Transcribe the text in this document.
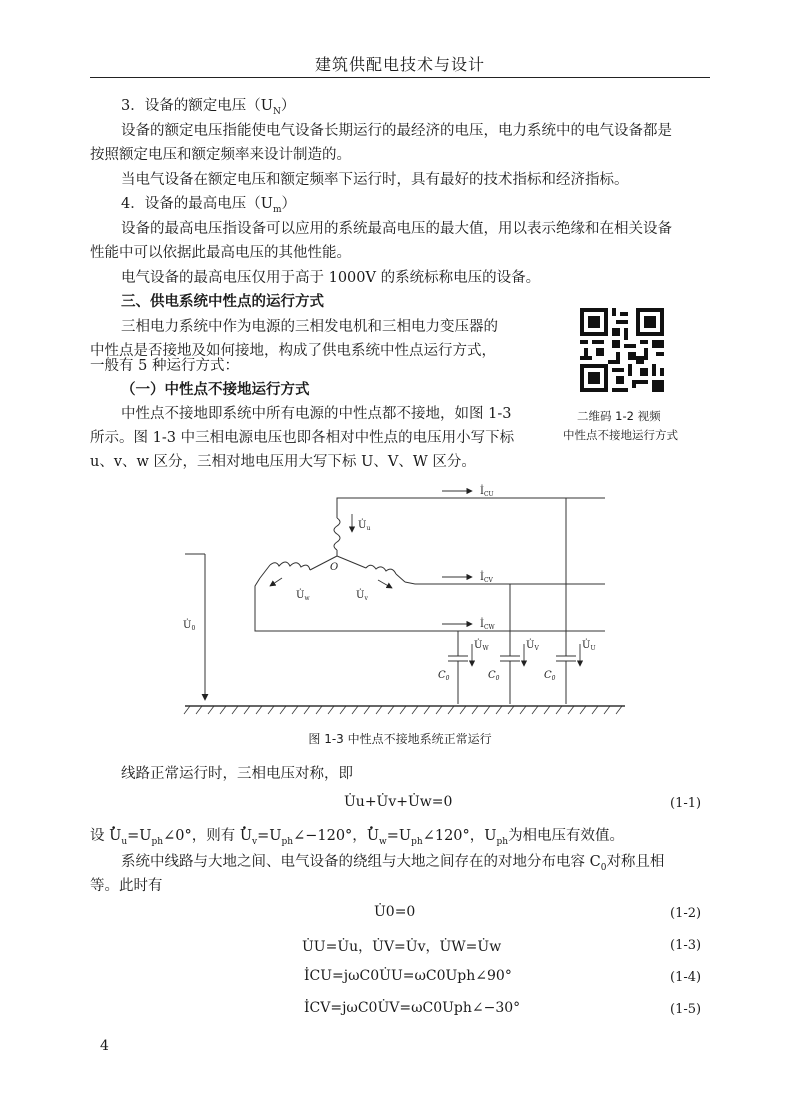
建筑供配电技术与设计
3．设备的额定电压$(U_N)$
设备的额定电压指能使电气设备长期运行的最经济的电压，电力系统中的电气设备都是
按照额定电压和额定频率来设计制造的。
当电气设备在额定电压和额定频率下运行时，具有最好的技术指标和经济指标。
4．设备的最高电压$(U_m)$
设备的最高电压指设备可以应用的系统最高电压的最大值，用以表示绝缘和在相关设备
性能中可以依据此最高电压的其他性能。
电气设备的最高电压仅用于高于 1000V 的系统标称电压的设备。
三、供电系统中性点的运行方式
三相电力系统中作为电源的三相发电机和三相电力变压器的
中性点是否接地及如何接地，构成了供电系统中性点运行方式，
一般有 5 种运行方式：
（一）中性点不接地运行方式
中性点不接地即系统中所有电源的中性点都不接地，如图 1-3
所示。图 1-3 中三相电源电压也即各相对中性点的电压用小写下标
u、v、w 区分，三相对地电压用大写下标 U、V、W 区分。
二维码 1-2 视频
中性点不接地运行方式
$İ_{CU}$
$İ_{CV}$
$İ_{CW}$
$U̇_u$
$U̇_w$	$U̇_v$
O
$U̇_0$
$U̇_W$	$U̇_V$	$U̇_U$
$C_0$	$C_0$	$C_0$
图 1-3 中性点不接地系统正常运行
线路正常运行时，三相电压对称，即
U̇u+U̇v+U̇w=0	(1-1)
设 · $U_u=U_{ph}\angle 0^\circ$，则有 · $U_v=U_{ph}\angle-120^\circ$，· $U_w=U_{ph}\angle 120^\circ$，$U_{ph}$为相电压有效值。
系统中线路与大地之间、电气设备的绕组与大地之间存在的对地分布电容 $C_0$对称且相
等。此时有
U̇0=0	(1-2)
U̇U=U̇u，U̇V=U̇v，U̇W=U̇w	(1-3)
İCU=jωC0U̇U=ωC0Uph∠90°	(1-4)
İCV=jωC0U̇V=ωC0Uph∠−30°	(1-5)
4
